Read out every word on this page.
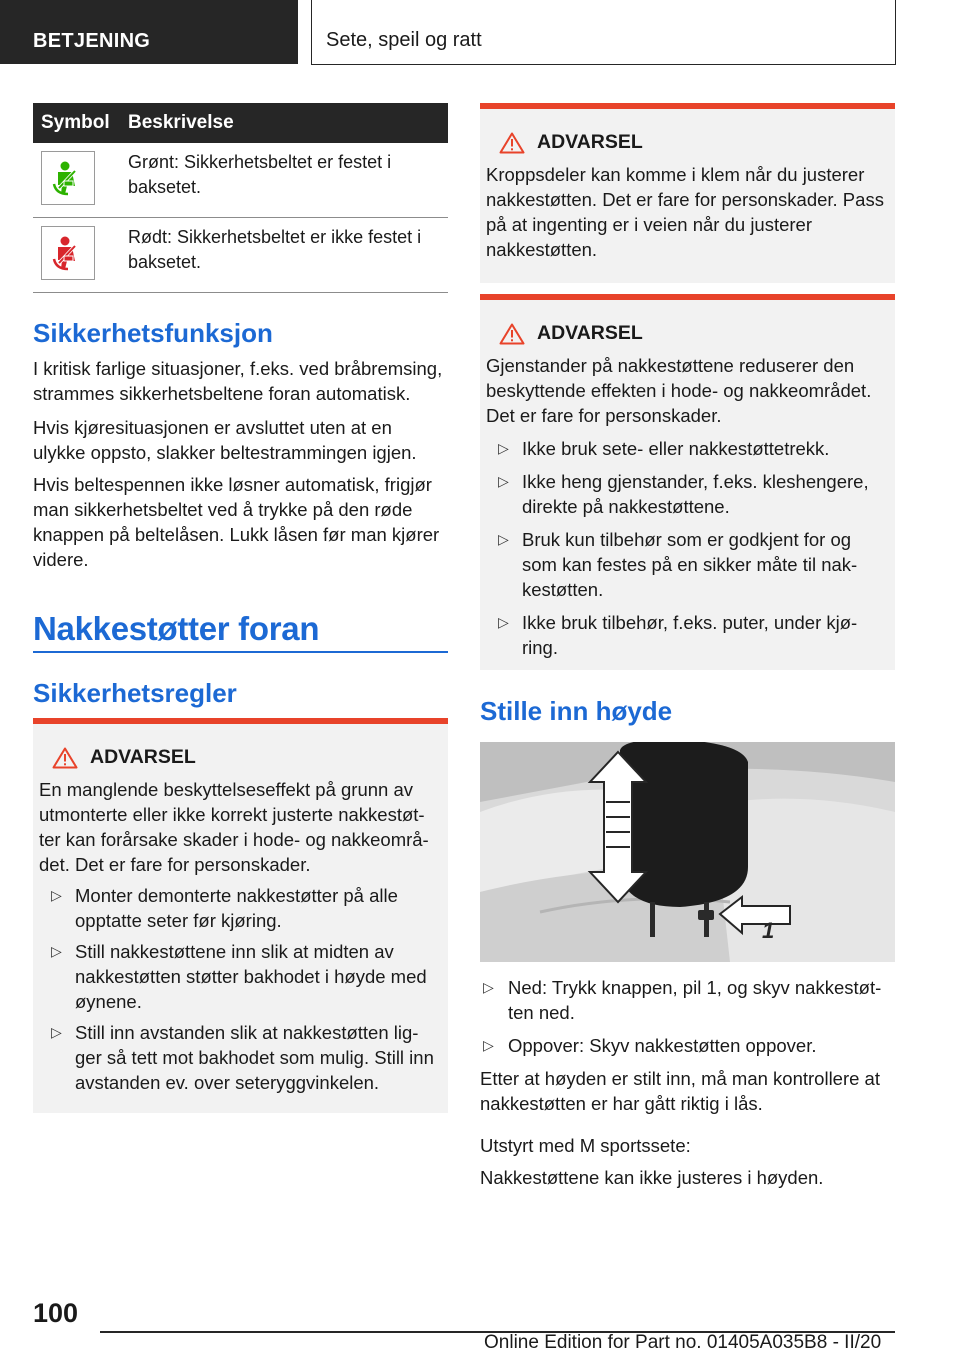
BETJENING	Sete, speil og ratt
Symbol Beskrivelse
Grønt: Sikkerhetsbeltet er festet i baksetet.
Rødt: Sikkerhetsbeltet er ikke festet i baksetet.
Sikkerhetsfunksjon
I kritisk farlige situasjoner, f.eks. ved bråbremsing, strammes sikkerhetsbeltene foran automatisk.
Hvis kjøresituasjonen er avsluttet uten at en ulykke oppsto, slakker beltestrammingen igjen.
Hvis beltespennen ikke løsner automatisk, frigjør man sikkerhetsbeltet ved å trykke på den røde knappen på beltelåsen. Lukk låsen før man kjører videre.
Nakkestøtter foran
Sikkerhetsregler
ADVARSEL
En manglende beskyttelseseffekt på grunn av utmonterte eller ikke korrekt justerte nakkestøt-ter kan forårsake skader i hode- og nakkeområ-det. Det er fare for personskader.
▷ Monter demonterte nakkestøtter på alle opptatte seter før kjøring.
▷ Still nakkestøttene inn slik at midten av nakkestøtten støtter bakhodet i høyde med øynene.
▷ Still inn avstanden slik at nakkestøtten lig-ger så tett mot bakhodet som mulig. Still inn avstanden ev. over seteryggvinkelen.
ADVARSEL
Kroppsdeler kan komme i klem når du justerer nakkestøtten. Det er fare for personskader. Pass på at ingenting er i veien når du justerer nakkestøtten.
ADVARSEL
Gjenstander på nakkestøttene reduserer den beskyttende effekten i hode- og nakkeområdet. Det er fare for personskader.
▷ Ikke bruk sete- eller nakkestøttetrekk.
▷ Ikke heng gjenstander, f.eks. kleshengere, direkte på nakkestøttene.
▷ Bruk kun tilbehør som er godkjent for og som kan festes på en sikker måte til nak-kestøtten.
▷ Ikke bruk tilbehør, f.eks. puter, under kjø-ring.
Stille inn høyde
1
▷ Ned: Trykk knappen, pil 1, og skyv nakkestøt-ten ned.
▷ Oppover: Skyv nakkestøtten oppover.
Etter at høyden er stilt inn, må man kontrollere at nakkestøtten er har gått riktig i lås.
Utstyrt med M sportssete:
Nakkestøttene kan ikke justeres i høyden.
100
Online Edition for Part no. 01405A035B8 - II/20
